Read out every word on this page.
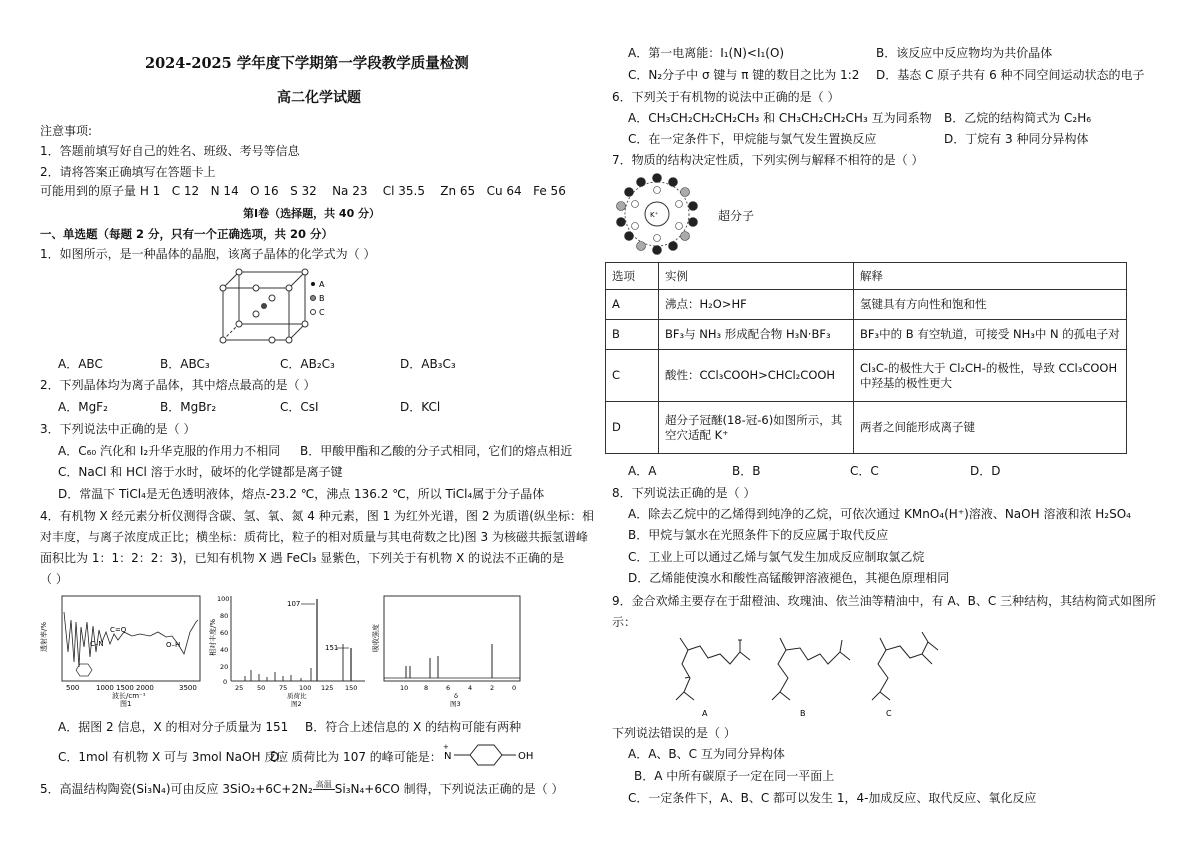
2024-2025 学年度下学期第一学段教学质量检测
高二化学试题
注意事项:
1．答题前填写好自己的姓名、班级、考号等信息
2．请将答案正确填写在答题卡上
可能用到的原子量 H 1   C 12   N 14   O 16   S 32    Na 23    Cl 35.5    Zn 65   Cu 64   Fe 56
第Ⅰ卷（选择题，共 40 分）
一、单选题（每题 2 分，只有一个正确选项，共 20 分）
1．如图所示，是一种晶体的晶胞，该离子晶体的化学式为（ ）
A
B
C
A．ABC	B．ABC₃	C．AB₂C₃	D．AB₃C₃
2．下列晶体均为离子晶体，其中熔点最高的是（ ）
A．MgF₂	B．MgBr₂	C．CsI	D．KCl
3．下列说法中正确的是（ ）
A．C₆₀ 汽化和 I₂升华克服的作用力不相同 B．甲酸甲酯和乙酸的分子式相同，它们的熔点相近
C．NaCl 和 HCl 溶于水时，破坏的化学键都是离子键
D．常温下 TiCl₄是无色透明液体，熔点-23.2 ℃，沸点 136.2 ℃，所以 TiCl₄属于分子晶体
4．有机物 X 经元素分析仪测得含碳、氢、氧、氮 4 种元素，图 1 为红外光谱，图 2 为质谱(纵坐标：相
对丰度，与离子浓度成正比；横坐标：质荷比，粒子的相对质量与其电荷数之比)图 3 为核磁共振氢谱峰
面积比为 1：1：2：2：3)，已知有机物 X 遇 FeCl₃ 显紫色，下列关于有机物 X 的说法不正确的是
（ ）
透射率/%	C=O
C–N	O–H
500 1000 1500 2000	3500
波长/cm⁻¹
图1
相对丰度/%
100
80
60
40
20
0
107
151
25 50 75 100 125 150
质荷比
图2
吸收强度
10 8	6	4	2	0
δ
图3
A．据图 2 信息，X 的相对分子质量为 151 B．符合上述信息的 X 的结构可能有两种
C．1mol 有机物 X 可与 3mol NaOH 反应
D．质荷比为 107 的峰可能是： N
+
OH
5．高温结构陶瓷(Si₃N₄)可由反应 3SiO₂+6C+2N₂ 高温 Si₃N₄+6CO 制得，下列说法正确的是（ ）
A．第一电离能：I₁(N)<I₁(O)	B．该反应中反应物均为共价晶体
C．N₂分子中 σ 键与 π 键的数目之比为 1:2 D．基态 C 原子共有 6 种不同空间运动状态的电子
6．下列关于有机物的说法中正确的是（ ）
A．CH₃CH₂CH₂CH₂CH₃ 和 CH₃CH₂CH₂CH₃ 互为同系物 B．乙烷的结构简式为 C₂H₆
C．在一定条件下，甲烷能与氯气发生置换反应	D．丁烷有 3 种同分异构体
7．物质的结构决定性质，下列实例与解释不相符的是（ ）
K⁺	超分子
选项	实例	解释
A	沸点：H₂O>HF	氢键具有方向性和饱和性
B	BF₃与 NH₃ 形成配合物 H₃N·BF₃	BF₃中的 B 有空轨道，可接受 NH₃中 N 的孤电子对
C	酸性：CCl₃COOH>CHCl₂COOH	Cl₃C-的极性大于 Cl₂CH-的极性，导致 CCl₃COOH 中羟基的极性更大
D	超分子冠醚(18-冠-6)如图所示，其空穴适配 K⁺	两者之间能形成离子键
A．A	B．B	C．C	D．D
8．下列说法正确的是（ ）
A．除去乙烷中的乙烯得到纯净的乙烷，可依次通过 KMnO₄(H⁺)溶液、NaOH 溶液和浓 H₂SO₄
B．甲烷与氯水在光照条件下的反应属于取代反应
C．工业上可以通过乙烯与氯气发生加成反应制取氯乙烷
D．乙烯能使溴水和酸性高锰酸钾溶液褪色，其褪色原理相同
9．金合欢烯主要存在于甜橙油、玫瑰油、依兰油等精油中，有 A、B、C 三种结构，其结构简式如图所
示：
A	B	C
下列说法错误的是（ ）
A．A、B、C 互为同分异构体
B．A 中所有碳原子一定在同一平面上
C．一定条件下，A、B、C 都可以发生 1，4-加成反应、取代反应、氧化反应
